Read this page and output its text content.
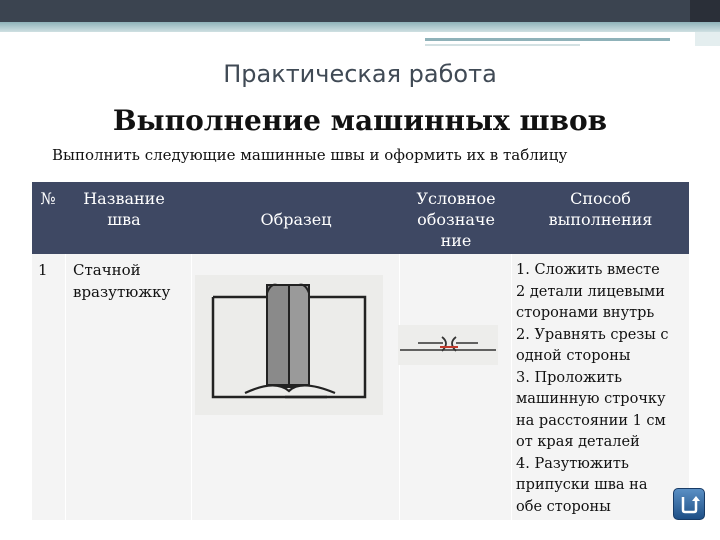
Практическая работа
Выполнение машинных швов
Выполнить следующие машинные швы и оформить их в таблицу
№	Название
шва	Образец
Условное
обозначе
ние
Способ
выполнения
1 Стачной
вразутюжку
1. Сложить вместе
2 детали лицевыми
сторонами внутрь
2. Уравнять срезы с
одной стороны
3. Проложить
машинную строчку
на расстоянии 1 см
от края деталей
4. Разутюжить
припуски шва на
обе стороны
